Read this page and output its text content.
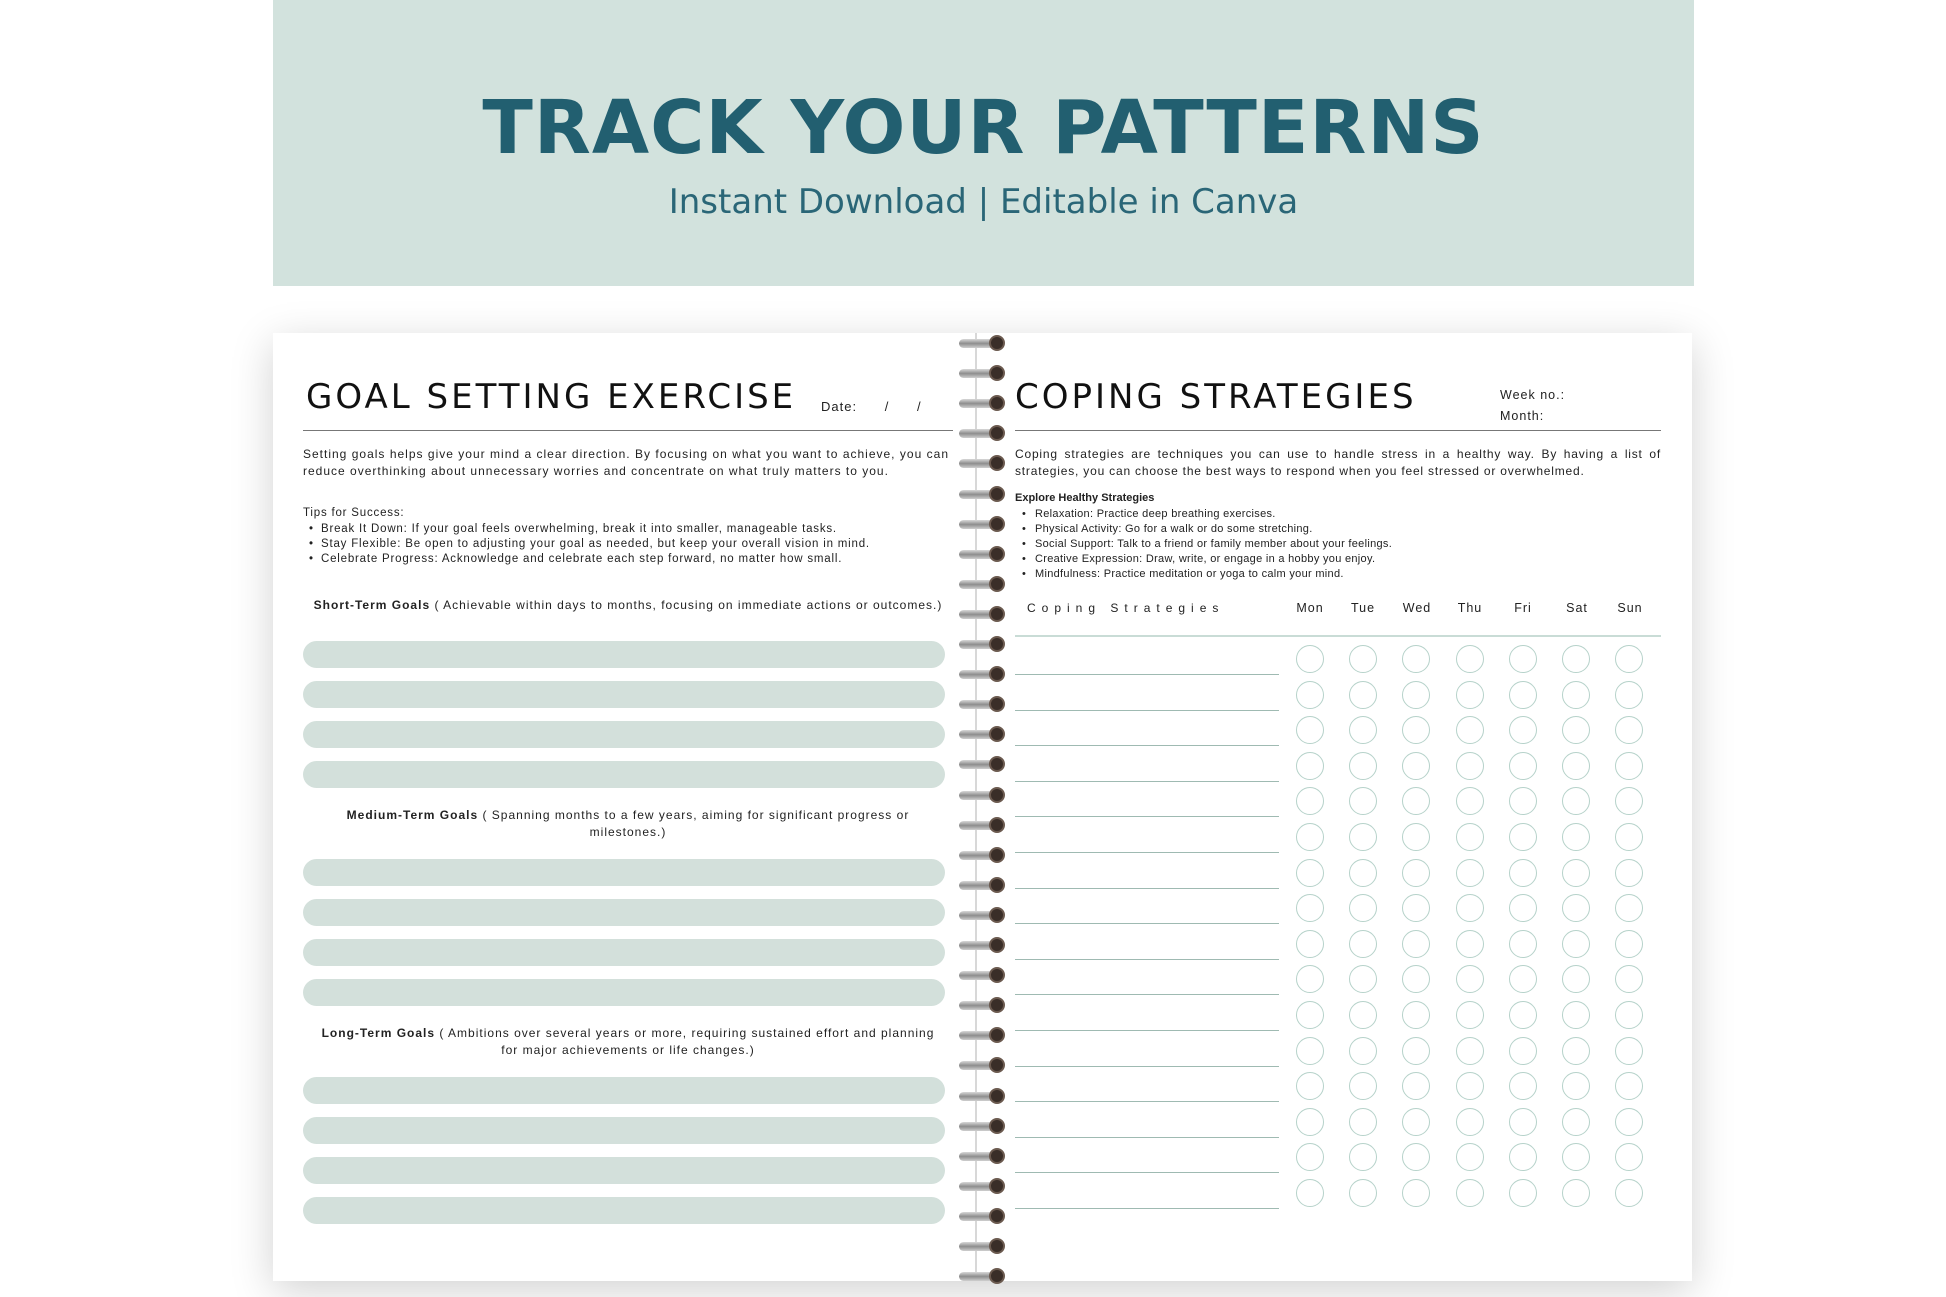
TRACK YOUR PATTERNS
Instant Download | Editable in Canva
GOAL SETTING EXERCISE Date:      /      /
Setting goals helps give your mind a clear direction. By focusing on what you want to achieve, you can reduce overthinking about unnecessary worries and concentrate on what truly matters to you.
Tips for Success:
• Break It Down: If your goal feels overwhelming, break it into smaller, manageable tasks.
• Stay Flexible: Be open to adjusting your goal as needed, but keep your overall vision in mind.
• Celebrate Progress: Acknowledge and celebrate each step forward, no matter how small.
Short-Term Goals ( Achievable within days to months, focusing on immediate actions or outcomes.)
Medium-Term Goals ( Spanning months to a few years, aiming for significant progress or milestones.)
Long-Term Goals ( Ambitions over several years or more, requiring sustained effort and planning for major achievements or life changes.)
COPING STRATEGIES	Week no.:
Month:
Coping strategies are techniques you can use to handle stress in a healthy way. By having a list of strategies, you can choose the best ways to respond when you feel stressed or overwhelmed.
Explore Healthy Strategies
• Relaxation: Practice deep breathing exercises.
• Physical Activity: Go for a walk or do some stretching.
• Social Support: Talk to a friend or family member about your feelings.
• Creative Expression: Draw, write, or engage in a hobby you enjoy.
• Mindfulness: Practice meditation or yoga to calm your mind.
Coping Strategies	Mon	Tue	Wed	Thu	Fri	Sat	Sun
